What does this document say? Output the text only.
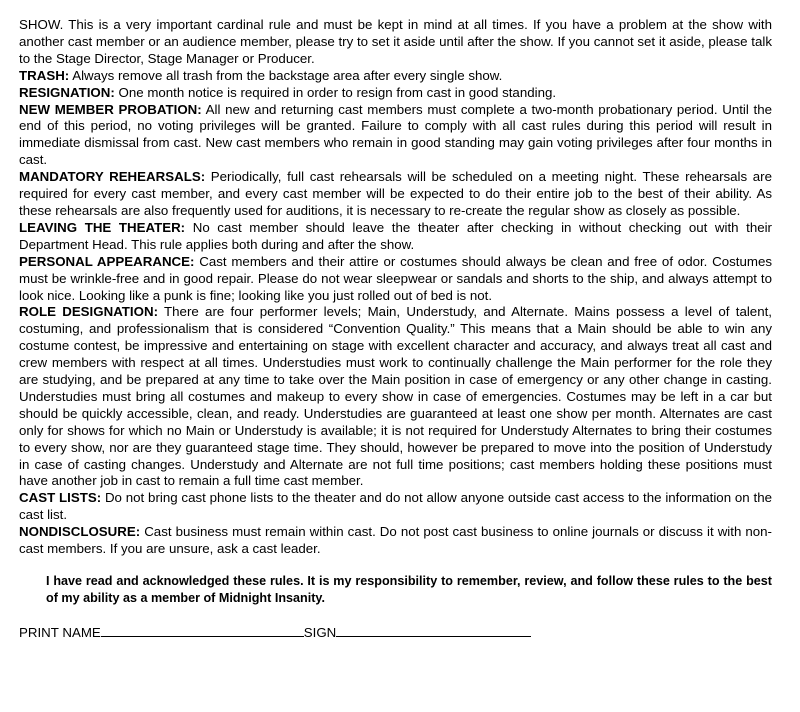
SHOW. This is a very important cardinal rule and must be kept in mind at all times. If you have a problem at the show with another cast member or an audience member, please try to set it aside until after the show. If you cannot set it aside, please talk to the Stage Director, Stage Manager or Producer.

TRASH: Always remove all trash from the backstage area after every single show.

RESIGNATION: One month notice is required in order to resign from cast in good standing.

NEW MEMBER PROBATION: All new and returning cast members must complete a two-month probationary period. Until the end of this period, no voting privileges will be granted. Failure to comply with all cast rules during this period will result in immediate dismissal from cast. New cast members who remain in good standing may gain voting privileges after four months in cast.

MANDATORY REHEARSALS: Periodically, full cast rehearsals will be scheduled on a meeting night. These rehearsals are required for every cast member, and every cast member will be expected to do their entire job to the best of their ability. As these rehearsals are also frequently used for auditions, it is necessary to re-create the regular show as closely as possible.

LEAVING THE THEATER: No cast member should leave the theater after checking in without checking out with their Department Head. This rule applies both during and after the show.

PERSONAL APPEARANCE: Cast members and their attire or costumes should always be clean and free of odor. Costumes must be wrinkle-free and in good repair. Please do not wear sleepwear or sandals and shorts to the ship, and always attempt to look nice. Looking like a punk is fine; looking like you just rolled out of bed is not.

ROLE DESIGNATION: There are four performer levels; Main, Understudy, and Alternate. Mains possess a level of talent, costuming, and professionalism that is considered “Convention Quality.” This means that a Main should be able to win any costume contest, be impressive and entertaining on stage with excellent character and accuracy, and always treat all cast and crew members with respect at all times. Understudies must work to continually challenge the Main performer for the role they are studying, and be prepared at any time to take over the Main position in case of emergency or any other change in casting. Understudies must bring all costumes and makeup to every show in case of emergencies. Costumes may be left in a car but should be quickly accessible, clean, and ready. Understudies are guaranteed at least one show per month. Alternates are cast only for shows for which no Main or Understudy is available; it is not required for Understudy Alternates to bring their costumes to every show, nor are they guaranteed stage time. They should, however be prepared to move into the position of Understudy in case of casting changes. Understudy and Alternate are not full time positions; cast members holding these positions must have another job in cast to remain a full time cast member.

CAST LISTS: Do not bring cast phone lists to the theater and do not allow anyone outside cast access to the information on the cast list.

NONDISCLOSURE: Cast business must remain within cast. Do not post cast business to online journals or discuss it with non-cast members. If you are unsure, ask a cast leader.

I have read and acknowledged these rules. It is my responsibility to remember, review, and follow these rules to the best of my ability as a member of Midnight Insanity.

PRINT NAME	SIGN
